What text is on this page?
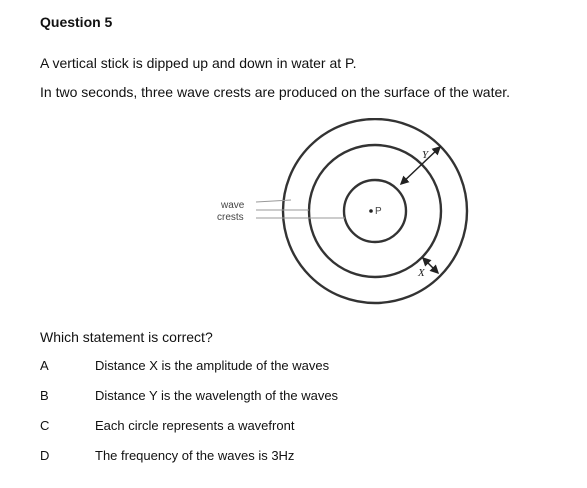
Question 5
A vertical stick is dipped up and down in water at P.
In two seconds, three wave crests are produced on the surface of the water.
P
wave
crests
Y
X
Which statement is correct?
A	Distance X is the amplitude of the waves
B	Distance Y is the wavelength of the waves
C	Each circle represents a wavefront
D	The frequency of the waves is 3Hz
